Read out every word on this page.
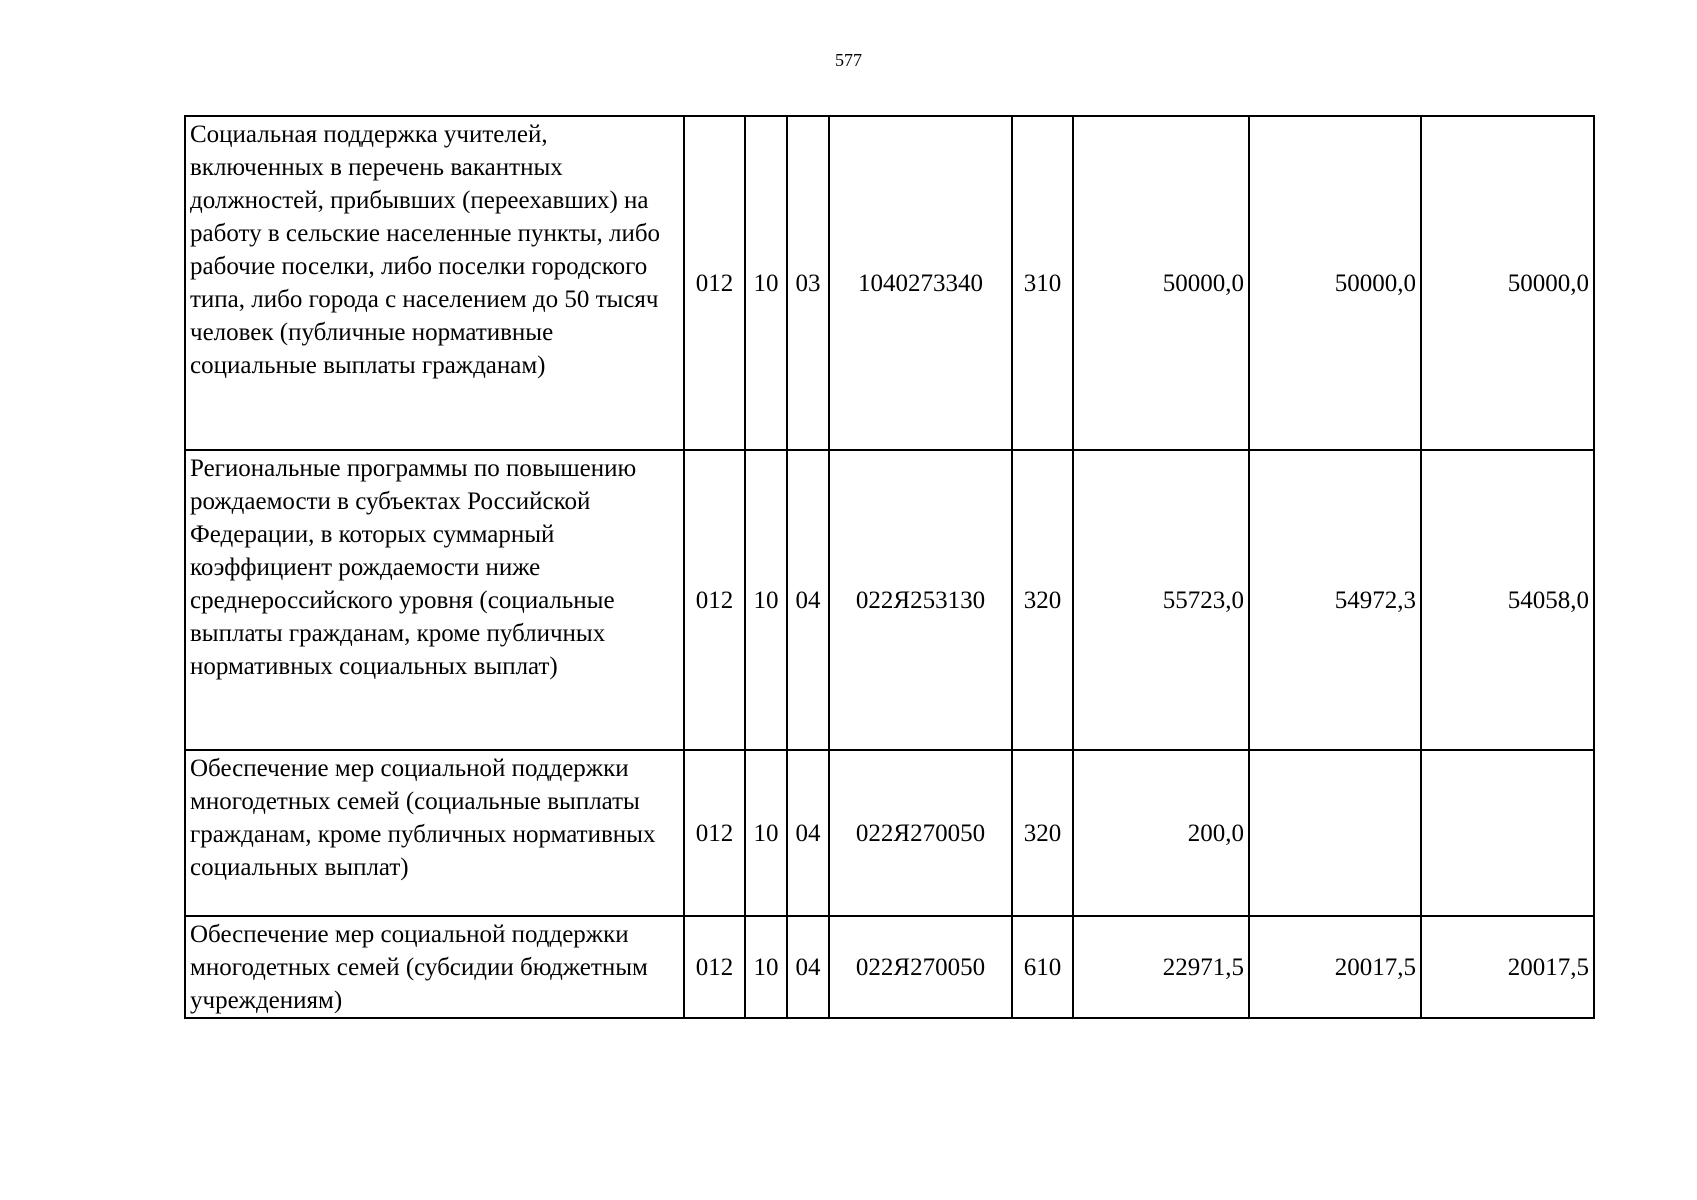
577
Социальная поддержка учителей, включенных в перечень вакантных должностей, прибывших (переехавших) на работу в сельские населенные пункты, либо рабочие поселки, либо поселки городского типа, либо города с населением до 50 тысяч человек (публичные нормативные социальные выплаты гражданам)	012	10	03	1040273340	310	50000,0	50000,0	50000,0
Региональные программы по повышению рождаемости в субъектах Российской Федерации, в которых суммарный коэффициент рождаемости ниже среднероссийского уровня (социальные выплаты гражданам, кроме публичных нормативных социальных выплат)	012	10	04	022Я253130	320	55723,0	54972,3	54058,0
Обеспечение мер социальной поддержки многодетных семей (социальные выплаты гражданам, кроме публичных нормативных социальных выплат)	012	10	04	022Я270050	320	200,0		
Обеспечение мер социальной поддержки многодетных семей (субсидии бюджетным учреждениям)	012	10	04	022Я270050	610	22971,5	20017,5	20017,5
